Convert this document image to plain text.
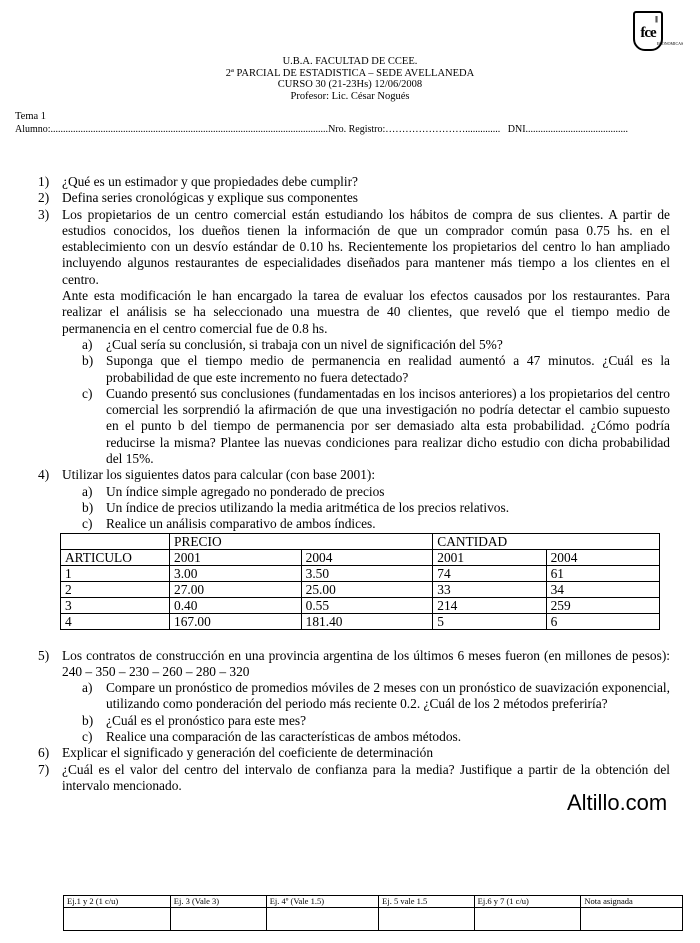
|||||
fce
ECONOMICAS
U.B.A. FACULTAD DE CCEE.
2ª PARCIAL DE ESTADISTICA – SEDE AVELLANEDA
CURSO 30 (21-23Hs) 12/06/2008
Profesor: Lic. César Nogués
Tema 1
Alumno:...............................................................................................................Nro. Registro:…………………….............. DNI.........................................
1) ¿Qué es un estimador y que propiedades debe cumplir?
2) Defina series cronológicas y explique sus componentes
3) Los propietarios de un centro comercial están estudiando los hábitos de compra de sus clientes. A partir de estudios conocidos, los dueños tienen la información de que un comprador común pasa 0.75 hs. en el establecimiento con un desvío estándar de 0.10 hs. Recientemente los propietarios del centro lo han ampliado incluyendo algunos restaurantes de especialidades diseñados para mantener más tiempo a los clientes en el centro.
Ante esta modificación le han encargado la tarea de evaluar los efectos causados por los restaurantes. Para realizar el análisis se ha seleccionado una muestra de 40 clientes, que reveló que el tiempo medio de permanencia en el centro comercial fue de 0.8 hs.
a)	¿Cual sería su conclusión, si trabaja con un nivel de significación del 5%?
b) Suponga que el tiempo medio de permanencia en realidad aumentó a 47 minutos. ¿Cuál es la probabilidad de que este incremento no fuera detectado?
c)	Cuando presentó sus conclusiones (fundamentadas en los incisos anteriores) a los propietarios del centro comercial les sorprendió la afirmación de que una investigación no podría detectar el cambio supuesto en el punto b del tiempo de permanencia por ser demasiado alta esta probabilidad. ¿Cómo podría reducirse la misma? Plantee las nuevas condiciones para realizar dicho estudio con dicha probabilidad del 15%.
4) Utilizar los siguientes datos para calcular (con base 2001):
a)	Un índice simple agregado no ponderado de precios
b) Un índice de precios utilizando la media aritmética de los precios relativos.
c)	Realice un análisis comparativo de ambos índices.
	PRECIO		CANTIDAD	
ARTICULO	2001	2004	2001	2004
1	3.00	3.50	74	61
2	27.00	25.00	33	34
3	0.40	0.55	214	259
4	167.00	181.40	5	6
5) Los contratos de construcción en una provincia argentina de los últimos 6 meses fueron (en millones de pesos): 240 – 350 – 230 – 260 – 280 – 320
a)	Compare un pronóstico de promedios móviles de 2 meses con un pronóstico de suavización exponencial, utilizando como ponderación del periodo más reciente 0.2. ¿Cuál de los 2 métodos preferiría?
b) ¿Cuál es el pronóstico para este mes?
c)	Realice una comparación de las características de ambos métodos.
6) Explicar el significado y generación del coeficiente de determinación
7) ¿Cuál es el valor del centro del intervalo de confianza para la media? Justifique a partir de la obtención del intervalo mencionado.
Altillo.com
Ej.1 y 2 (1 c/u)	Ej. 3 (Vale 3)	Ej. 4º (Vale 1.5)	Ej. 5 vale 1.5	Ej.6 y 7 (1 c/u)	Nota asignada
